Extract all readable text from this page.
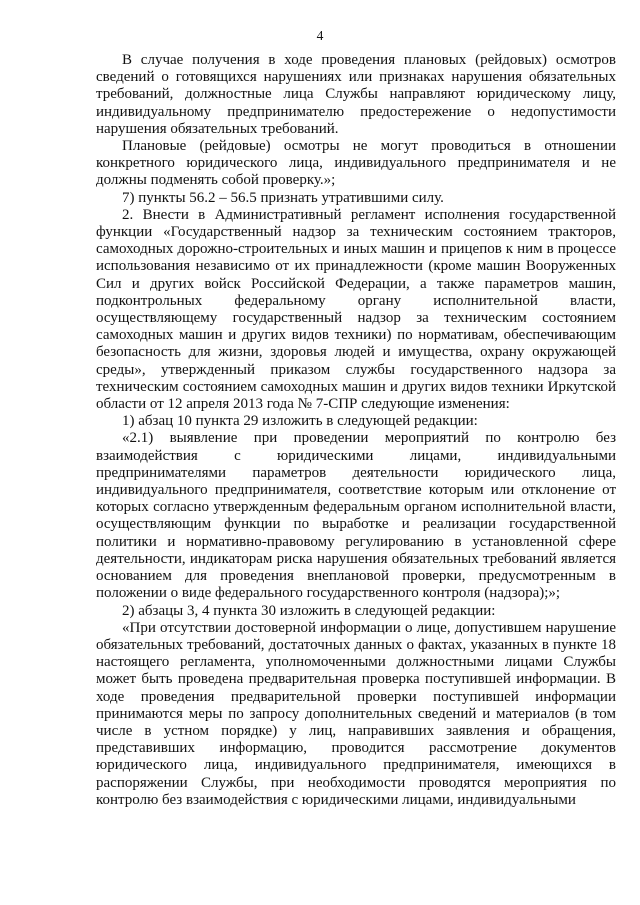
4

В случае получения в ходе проведения плановых (рейдовых) осмотров сведений о готовящихся нарушениях или признаках нарушения обязательных требований, должностные лица Службы направляют юридическому лицу, индивидуальному предпринимателю предостережение о недопустимости нарушения обязательных требований.

Плановые (рейдовые) осмотры не могут проводиться в отношении конкретного юридического лица, индивидуального предпринимателя и не должны подменять собой проверку.»;

7) пункты 56.2 – 56.5 признать утратившими силу.

2. Внести в Административный регламент исполнения государственной функции «Государственный надзор за техническим состоянием тракторов, самоходных дорожно-строительных и иных машин и прицепов к ним в процессе использования независимо от их принадлежности (кроме машин Вооруженных Сил и других войск Российской Федерации, а также параметров машин, подконтрольных федеральному органу исполнительной власти, осуществляющему государственный надзор за техническим состоянием самоходных машин и других видов техники) по нормативам, обеспечивающим безопасность для жизни, здоровья людей и имущества, охрану окружающей среды», утвержденный приказом службы государственного надзора за техническим состоянием самоходных машин и других видов техники Иркутской области от 12 апреля 2013 года № 7-СПР следующие изменения:

1) абзац 10 пункта 29 изложить в следующей редакции:

«2.1) выявление при проведении мероприятий по контролю без взаимодействия с юридическими лицами, индивидуальными предпринимателями параметров деятельности юридического лица, индивидуального предпринимателя, соответствие которым или отклонение от которых согласно утвержденным федеральным органом исполнительной власти, осуществляющим функции по выработке и реализации государственной политики и нормативно-правовому регулированию в установленной сфере деятельности, индикаторам риска нарушения обязательных требований является основанием для проведения внеплановой проверки, предусмотренным в положении о виде федерального государственного контроля (надзора);»;

2) абзацы 3, 4 пункта 30 изложить в следующей редакции:

«При отсутствии достоверной информации о лице, допустившем нарушение обязательных требований, достаточных данных о фактах, указанных в пункте 18 настоящего регламента, уполномоченными должностными лицами Службы может быть проведена предварительная проверка поступившей информации. В ходе проведения предварительной проверки поступившей информации принимаются меры по запросу дополнительных сведений и материалов (в том числе в устном порядке) у лиц, направивших заявления и обращения, представивших информацию, проводится рассмотрение документов юридического лица, индивидуального предпринимателя, имеющихся в распоряжении Службы, при необходимости проводятся мероприятия по контролю без взаимодействия с юридическими лицами, индивидуальными
